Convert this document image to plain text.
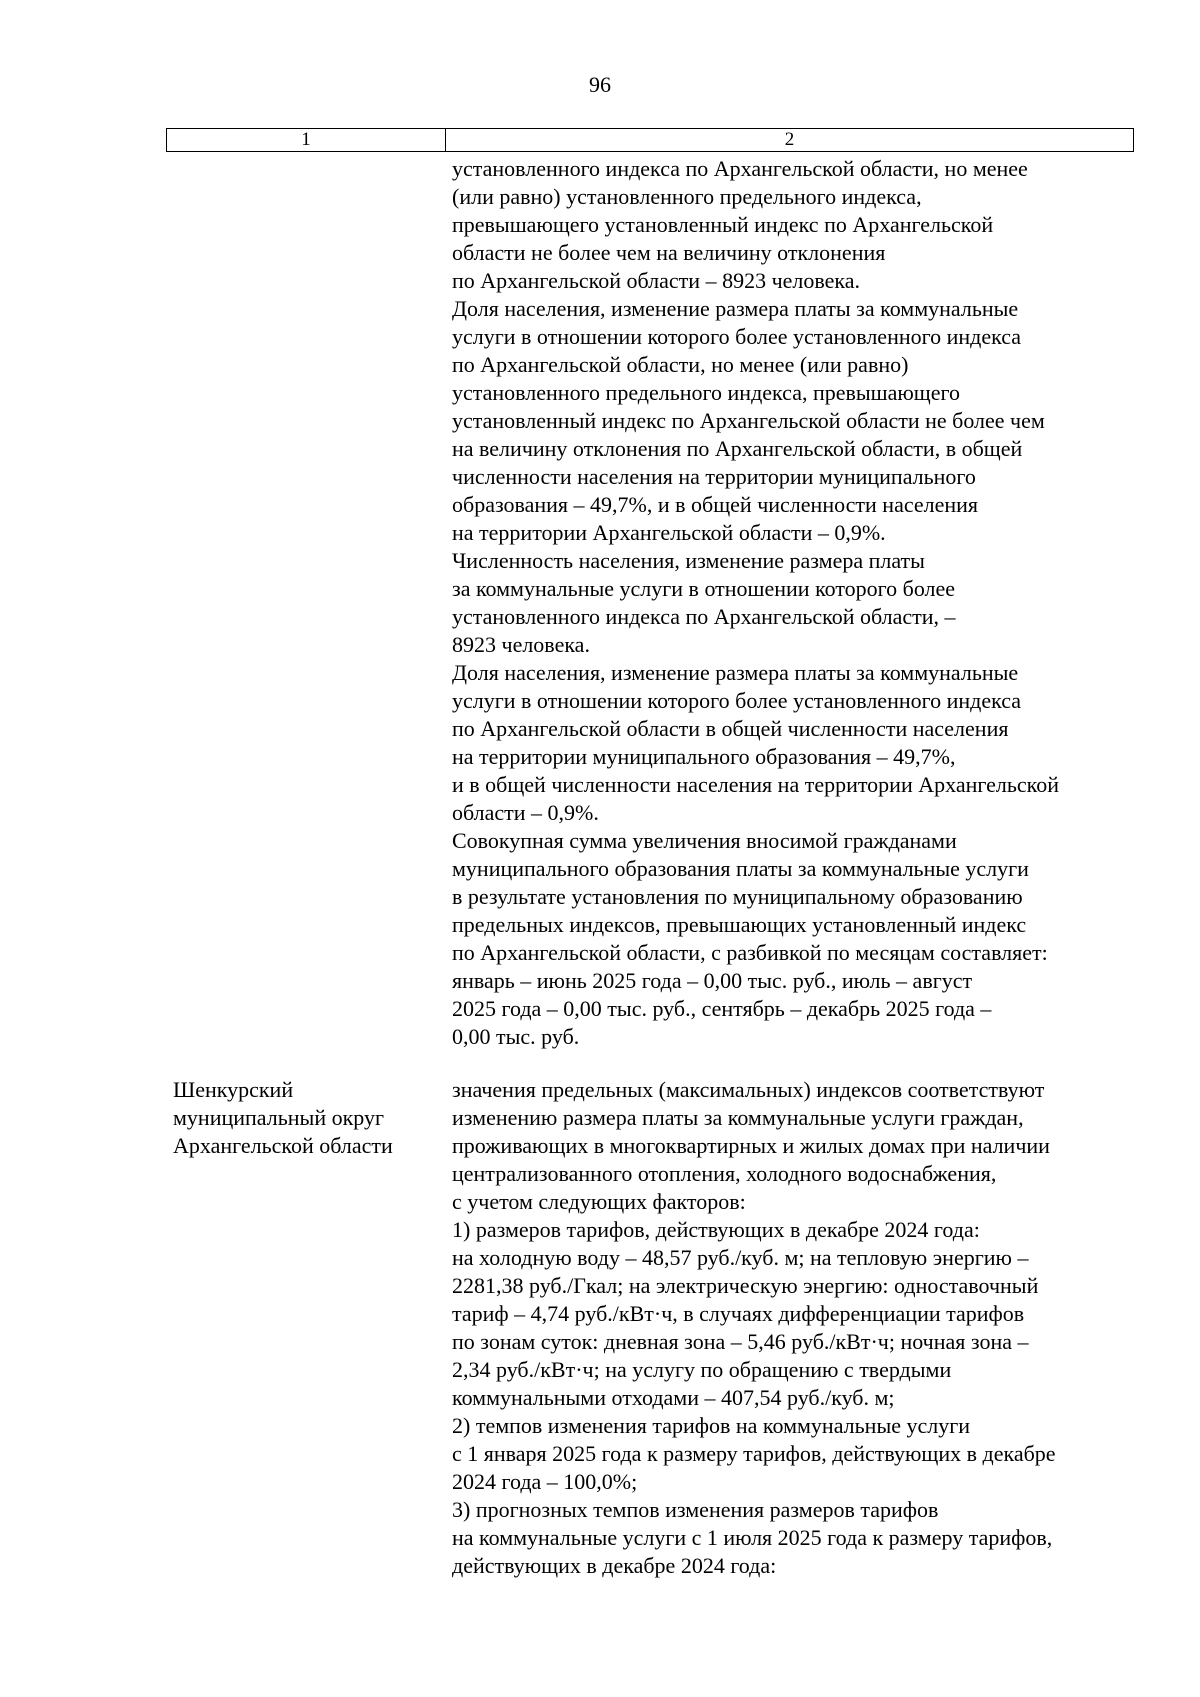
96
1	2
установленного индекса по Архангельской области, но менее
(или равно) установленного предельного индекса,
превышающего установленный индекс по Архангельской
области не более чем на величину отклонения
по Архангельской области – 8923 человека.
Доля населения, изменение размера платы за коммунальные
услуги в отношении которого более установленного индекса
по Архангельской области, но менее (или равно)
установленного предельного индекса, превышающего
установленный индекс по Архангельской области не более чем
на величину отклонения по Архангельской области, в общей
численности населения на территории муниципального
образования – 49,7%, и в общей численности населения
на территории Архангельской области – 0,9%.
Численность населения, изменение размера платы
за коммунальные услуги в отношении которого более
установленного индекса по Архангельской области, –
8923 человека.
Доля населения, изменение размера платы за коммунальные
услуги в отношении которого более установленного индекса
по Архангельской области в общей численности населения
на территории муниципального образования – 49,7%,
и в общей численности населения на территории Архангельской
области – 0,9%.
Совокупная сумма увеличения вносимой гражданами
муниципального образования платы за коммунальные услуги
в результате установления по муниципальному образованию
предельных индексов, превышающих установленный индекс
по Архангельской области, с разбивкой по месяцам составляет:
январь – июнь 2025 года – 0,00 тыс. руб., июль – август
2025 года – 0,00 тыс. руб., сентябрь – декабрь 2025 года –
0,00 тыс. руб.
Шенкурский
муниципальный округ
Архангельской области
значения предельных (максимальных) индексов соответствуют
изменению размера платы за коммунальные услуги граждан,
проживающих в многоквартирных и жилых домах при наличии
централизованного отопления, холодного водоснабжения,
с учетом следующих факторов:
1) размеров тарифов, действующих в декабре 2024 года:
на холодную воду – 48,57 руб./куб. м; на тепловую энергию –
2281,38 руб./Гкал; на электрическую энергию: одноставочный
тариф – 4,74 руб./кВт·ч, в случаях дифференциации тарифов
по зонам суток: дневная зона – 5,46 руб./кВт·ч; ночная зона –
2,34 руб./кВт·ч; на услугу по обращению с твердыми
коммунальными отходами – 407,54 руб./куб. м;
2) темпов изменения тарифов на коммунальные услуги
с 1 января 2025 года к размеру тарифов, действующих в декабре
2024 года – 100,0%;
3) прогнозных темпов изменения размеров тарифов
на коммунальные услуги с 1 июля 2025 года к размеру тарифов,
действующих в декабре 2024 года:
